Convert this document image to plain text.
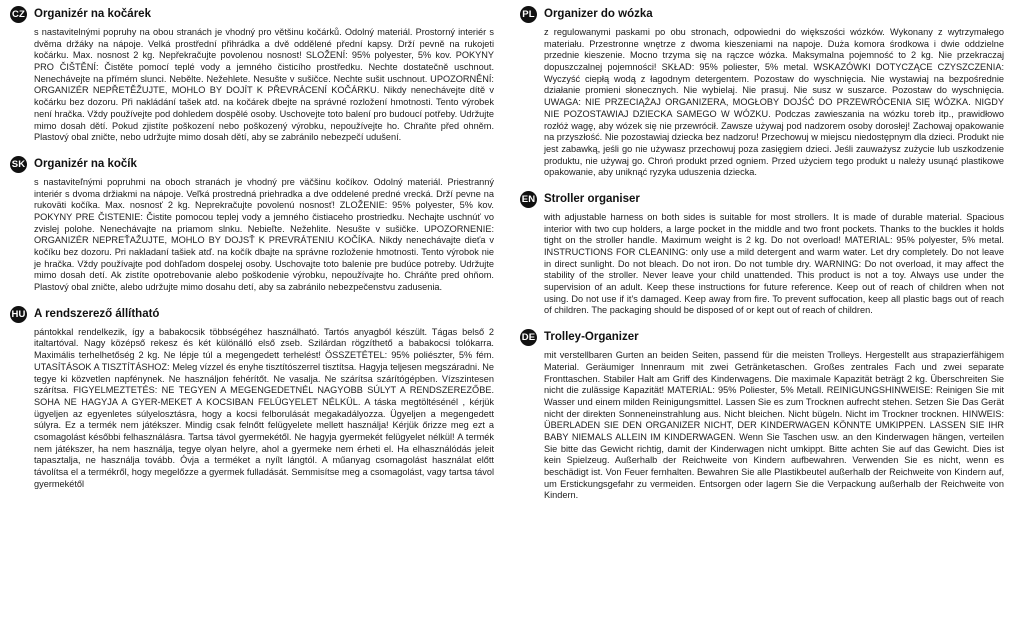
CZ Organizér na kočárek
s nastavitelnými popruhy na obou stranách je vhodný pro většinu kočárků. Odolný materiál. Prostorný interiér s dvěma držáky na nápoje. Velká prostřední přihrádka a dvě oddělené přední kapsy. Drží pevně na rukojeti kočárku. Max. nosnost 2 kg. Nepřekračujte povolenou nosnost! SLOŽENÍ: 95% polyester, 5% kov. POKYNY PRO ČIŠTĚNÍ: Čistěte pomocí teplé vody a jemného čisticího prostředku. Nechte dostatečně uschnout. Nenechávejte na přímém slunci. Nebělte. Nežehlete. Nesušte v sušičce. Nechte sušit uschnout. UPOZORNĚNÍ: ORGANIZÉR NEPŘETĚŽUJTE, MOHLO BY DOJÍT K PŘEVRÁCENÍ KOČÁRKU. Nikdy nenechávejte dítě v kočárku bez dozoru. Při nakládání tašek atd. na kočárek dbejte na správné rozložení hmotnosti. Tento výrobek není hračka. Vždy používejte pod dohledem dospělé osoby. Uschovejte toto balení pro budoucí potřeby. Udržujte mimo dosah dětí. Pokud zjistíte poškození nebo poškozený výrobku, nepoužívejte ho. Chraňte před ohněm. Plastový obal zničte, nebo udržujte mimo dosah dětí, aby se zabránilo nebezpečí udušení.
SK Organizér na kočík
s nastaviteľnými popruhmi na oboch stranách je vhodný pre väčšinu kočíkov. Odolný materiál. Priestranný interiér s dvoma držiakmi na nápoje. Veľká prostredná priehradka a dve oddelené predné vrecká. Drží pevne na rukoväti kočíka. Max. nosnosť 2 kg. Neprekračujte povolenú nosnosť! ZLOŽENIE: 95% polyester, 5% kov. POKYNY PRE ČISTENIE: Čistite pomocou teplej vody a jemného čistiaceho prostriedku. Nechajte uschnúť vo zvislej polohe. Nenechávajte na priamom slnku. Nebieľte. Nežehlite. Nesušte v sušičke. UPOZORNENIE: ORGANIZÉR NEPREŤAŽUJTE, MOHLO BY DOJSŤ K PREVRÁTENIU KOČÍKA. Nikdy nenechávajte dieťa v kočíku bez dozoru. Pri nakladaní tašiek atď. na kočík dbajte na správne rozloženie hmotnosti. Tento výrobok nie je hračka. Vždy používajte pod dohľadom dospelej osoby. Uschovajte toto balenie pre budúce potreby. Udržujte mimo dosah detí. Ak zistíte opotrebovanie alebo poškodenie výrobku, nepoužívajte ho. Chráňte pred ohňom. Plastový obal zničte, alebo udržujte mimo dosahu detí, aby sa zabránilo nebezpečenstvu zadusenia.
HU A rendszerező állítható
pántokkal rendelkezik, így a babakocsik többségéhez használható. Tartós anyagból készült. Tágas belső 2 italtartóval. Nagy középső rekesz és két különálló első zseb. Szilárdan rögzíthető a babakocsi tolókarra. Maximális terhelhetőség 2 kg. Ne lépje túl a megengedett terhelést! ÖSSZETÉTEL: 95% poliészter, 5% fém. UTASÍTÁSOK A TISZTÍTÁSHOZ: Meleg vízzel és enyhe tisztítószerrel tisztítsa. Hagyja teljesen megszáradni. Ne tegye ki közvetlen napfénynek. Ne használjon fehérítőt. Ne vasalja. Ne szárítsa szárítógépben. Vízszintesen szárítsa. FIGYELMEZTETÉS: NE TEGYEN A MEGENGEDETNÉL NAGYOBB SÚLYT A RENDSZEREZŐBE. SOHA NE HAGYJA A GYER-MEKET A KOCSIBAN FELÜGYELET NÉLKÜL. A táska megtöltésénél , kérjük ügyeljen az egyenletes súlyelosztásra, hogy a kocsi felborulását megakadályozza. Ügyeljen a megengedett súlyra. Ez a termék nem játékszer. Mindig csak felnőtt felügyelete mellett használja! Kérjük őrizze meg ezt a csomagolást későbbi felhasználásra. Tartsa távol gyermekétől. Ne hagyja gyermekét felügyelet nélkül! A termék nem játékszer, ha nem használja, tegye olyan helyre, ahol a gyermeke nem érheti el. Ha elhasználódás jeleit tapasztalja, ne használja tovább. Óvja a terméket a nyílt lángtól. A műanyag csomagolást használat előtt távolítsa el a termékről, hogy megelőzze a gyermek fulladását. Semmisítse meg a csomagolást, vagy tartsa távol gyermekétől
PL Organizer do wózka
z regulowanymi paskami po obu stronach, odpowiedni do większości wózków. Wykonany z wytrzymałego materiału. Przestronne wnętrze z dwoma kieszeniami na napoje. Duża komora środkowa i dwie oddzielne przednie kieszenie. Mocno trzyma się na rączce wózka. Maksymalna pojemność to 2 kg. Nie przekraczaj dopuszczalnej pojemności! SKŁAD: 95% poliester, 5% metal. WSKAZÓWKI DOTYCZĄCE CZYSZCZENIA: Wyczyść ciepłą wodą z łagodnym detergentem. Pozostaw do wyschnięcia. Nie wystawiaj na bezpośrednie działanie promieni słonecznych. Nie wybielaj. Nie prasuj. Nie susz w suszarce. Pozostaw do wyschnięcia. UWAGA: NIE PRZECIĄŻAJ ORGANIZERA, MOGŁOBY DOJŚĆ DO PRZEWRÓCENIA SIĘ WÓZKA. NIGDY NIE POZOSTAWIAJ DZIECKA SAMEGO W WÓZKU. Podczas zawieszania na wózku toreb itp., prawidłowo rozłóż wagę, aby wózek się nie przewrócił. Zawsze używaj pod nadzorem osoby dorosłej! Zachowaj opakowanie na przyszłość. Nie pozostawiaj dziecka bez nadzoru! Przechowuj w miejscu niedostępnym dla dzieci. Produkt nie jest zabawką, jeśli go nie używasz przechowuj poza zasięgiem dzieci. Jeśli zauważysz zużycie lub uszkodzenie produktu, nie używaj go. Chroń produkt przed ogniem. Przed użyciem tego produkt u należy usunąć plastikowe opakowanie, aby uniknąć ryzyka uduszenia dziecka.
EN Stroller organiser
with adjustable harness on both sides is suitable for most strollers. It is made of durable material. Spacious interior with two cup holders, a large pocket in the middle and two front pockets. Thanks to the buckles it holds tight on the stroller handle. Maximum weight is 2 kg. Do not overload! MATERIAL: 95% polyester, 5% metal. INSTRUCTIONS FOR CLEANING: only use a mild detergent and warm water. Let dry completely. Do not leave in direct sunlight. Do not bleach. Do not iron. Do not tumble dry. WARNING: Do not overload, it may affect the stability of the stroller. Never leave your child unattended. This product is not a toy. Always use under the supervision of an adult. Keep these instructions for future reference. Keep out of reach of children when not using. Do not use if it's damaged. Keep away from fire. To prevent suffocation, keep all plastic bags out of reach of children. The packaging should be disposed of or kept out of reach of children.
DE Trolley-Organizer
mit verstellbaren Gurten an beiden Seiten, passend für die meisten Trolleys. Hergestellt aus strapazierfähigem Material. Geräumiger Innenraum mit zwei Getränketaschen. Großes zentrales Fach und zwei separate Fronttaschen. Stabiler Halt am Griff des Kinderwagens. Die maximale Kapazität beträgt 2 kg. Überschreiten Sie nicht die zulässige Kapazität! MATERIAL: 95% Poliester, 5% Metall. REINIGUNGSHINWEISE: Reinigen Sie mit Wasser und einem milden Reinigungsmittel. Lassen Sie es zum Trocknen aufrecht stehen. Setzen Sie Das Gerät nicht der direkten Sonneneinstrahlung aus. Nicht bleichen. Nicht bügeln. Nicht im Trockner trocknen. HINWEIS: ÜBERLADEN SIE DEN ORGANIZER NICHT, DER KINDERWAGEN KÖNNTE UMKIPPEN. LASSEN SIE IHR BABY NIEMALS ALLEIN IM KINDERWAGEN. Wenn Sie Taschen usw. an den Kinderwagen hängen, verteilen Sie bitte das Gewicht richtig, damit der Kinderwagen nicht umkippt. Bitte achten Sie auf das Gewicht. Dies ist kein Spielzeug. Außerhalb der Reichweite von Kindern aufbewahren. Verwenden Sie es nicht, wenn es beschädigt ist. Von Feuer fernhalten. Bewahren Sie alle Plastikbeutel außerhalb der Reichweite von Kindern auf, um Erstickungsgefahr zu vermeiden. Entsorgen oder lagern Sie die Verpackung außerhalb der Reichweite von Kindern.
